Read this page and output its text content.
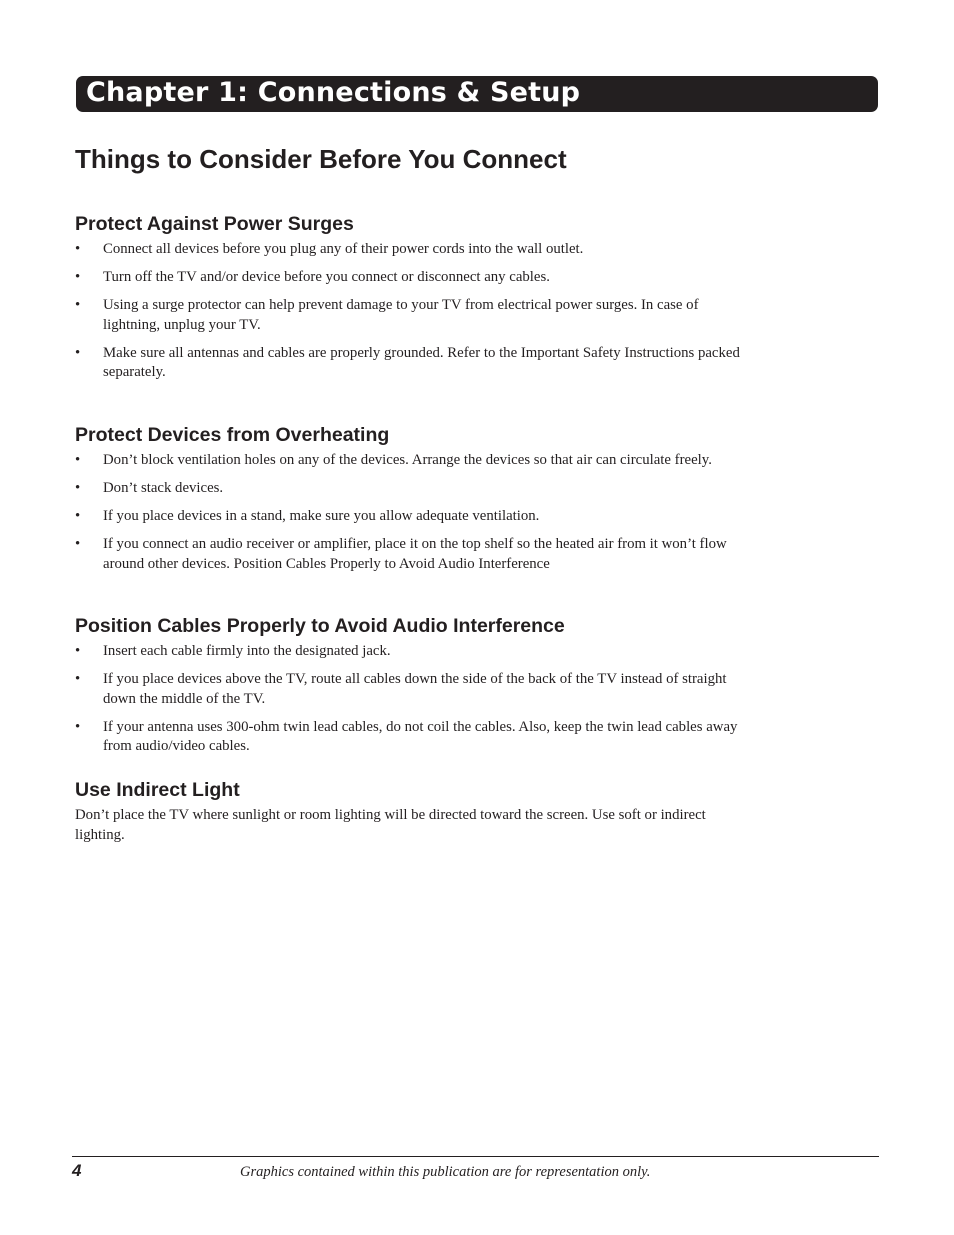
Chapter 1: Connections & Setup
Things to Consider Before You Connect
Protect Against Power Surges
• Connect all devices before you plug any of their power cords into the wall outlet.
• Turn off the TV and/or device before you connect or disconnect any cables.
• Using a surge protector can help prevent damage to your TV from electrical power surges. In case of lightning, unplug your TV.
• Make sure all antennas and cables are properly grounded. Refer to the Important Safety Instructions packed separately.
Protect Devices from Overheating
• Don’t block ventilation holes on any of the devices. Arrange the devices so that air can circulate freely.
• Don’t stack devices.
• If you place devices in a stand, make sure you allow adequate ventilation.
• If you connect an audio receiver or amplifier, place it on the top shelf so the heated air from it won’t flow around other devices. Position Cables Properly to Avoid Audio Interference
Position Cables Properly to Avoid Audio Interference
• Insert each cable firmly into the designated jack.
• If you place devices above the TV, route all cables down the side of the back of the TV instead of straight down the middle of the TV.
• If your antenna uses 300-ohm twin lead cables, do not coil the cables. Also, keep the twin lead cables away from audio/video cables.
Use Indirect Light

Don’t place the TV where sunlight or room lighting will be directed toward the screen. Use soft or indirect lighting.

4	Graphics contained within this publication are for representation only.
